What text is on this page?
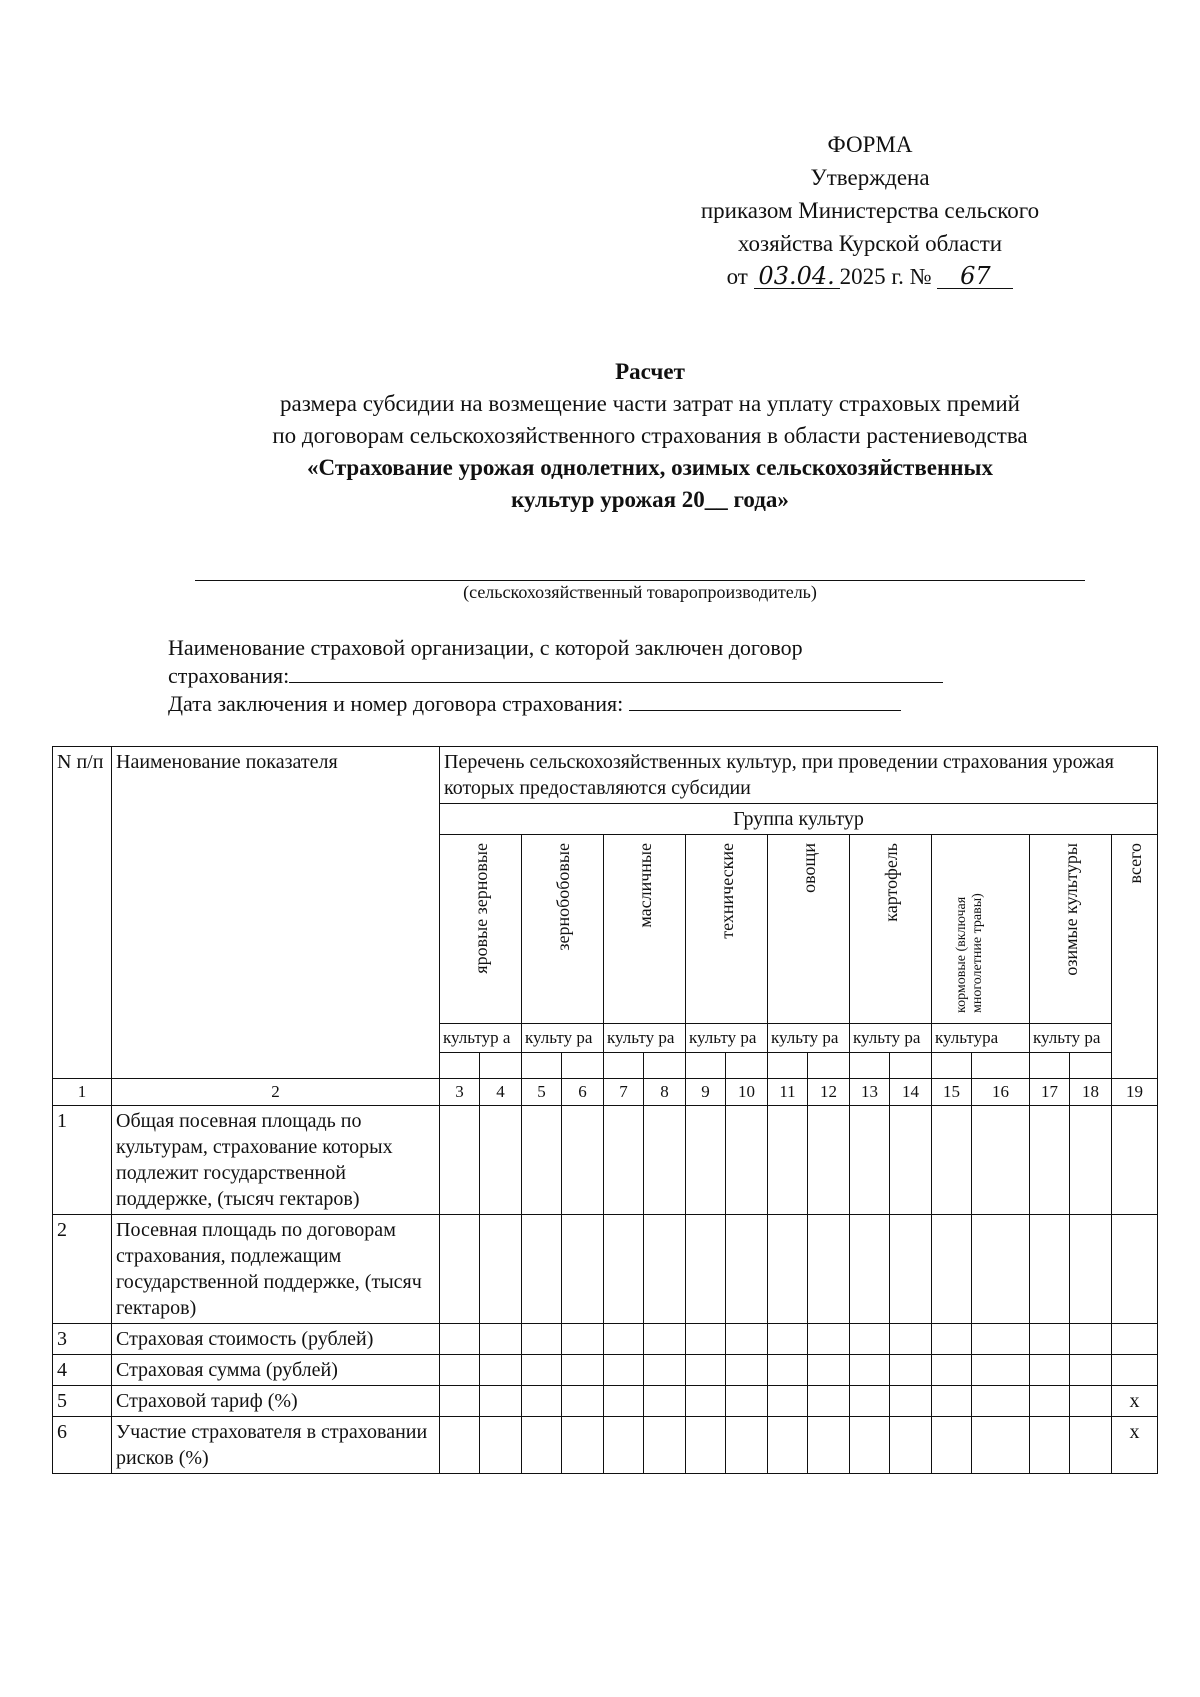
ФОРМА
Утверждена
приказом Министерства сельского
хозяйства Курской области
от 03.04. 2025 г. № 67
Расчет
размера субсидии на возмещение части затрат на уплату страховых премий
по договорам сельскохозяйственного страхования в области растениеводства
«Страхование урожая однолетних, озимых сельскохозяйственных
культур урожая 20__ года»
(сельскохозяйственный товаропроизводитель)
Наименование страховой организации, с которой заключен договор
страхования:
Дата заключения и номер договора страхования:
N п/п	Наименование показателя	Перечень сельскохозяйственных культур, при проведении страхования урожая которых предоставляются субсидии																
		Группа культур																

		яровые зерновые		зернобобовые		масличные		технические		овощи		картофель		кормовые (включая многолетние травы)		озимые культуры		всего

		культур а		культу ра		культу ра		культу ра		культу ра		культу ра		культура		культу ра		

1	2	3	4	5	6	7	8	9	10	11	12	13	14	15	16	17	18	19
1	Общая посевная площадь по культурам, страхование которых подлежит государственной поддержке, (тысяч гектаров)																	
2	Посевная площадь по договорам страхования, подлежащим государственной поддержке, (тысяч гектаров)																	
3	Страховая стоимость (рублей)																	
4	Страховая сумма (рублей)																	
5	Страховой тариф (%)																	x
6	Участие страхователя в страховании рисков (%)																	x
